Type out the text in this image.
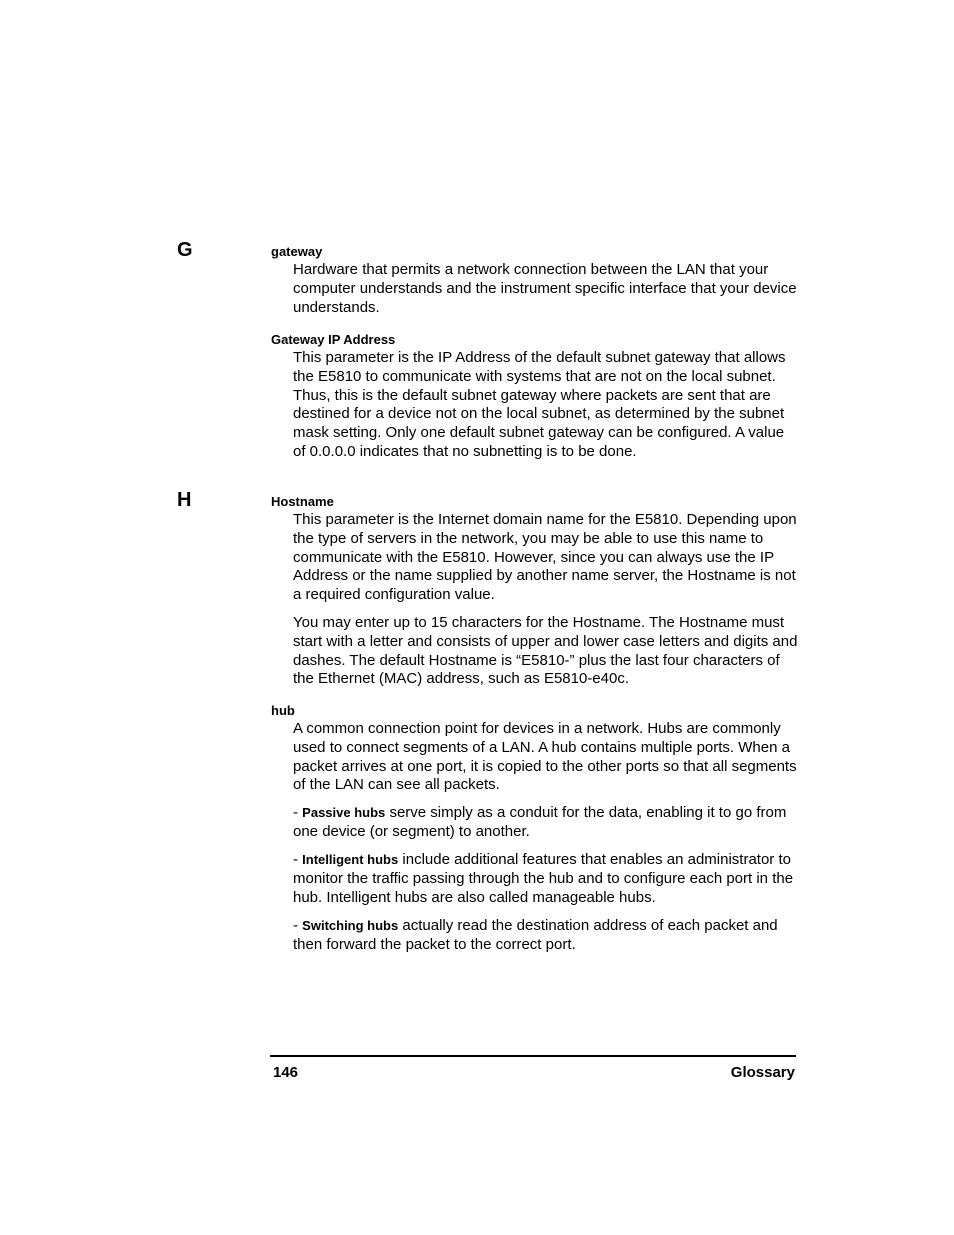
G	gateway
Hardware that permits a network connection between the LAN that your computer understands and the instrument specific interface that your device understands.
Gateway IP Address
This parameter is the IP Address of the default subnet gateway that allows the E5810 to communicate with systems that are not on the local subnet. Thus, this is the default subnet gateway where packets are sent that are destined for a device not on the local subnet, as determined by the subnet mask setting. Only one default subnet gateway can be configured. A value of 0.0.0.0 indicates that no subnetting is to be done.
H	Hostname
This parameter is the Internet domain name for the E5810. Depending upon the type of servers in the network, you may be able to use this name to communicate with the E5810. However, since you can always use the IP Address or the name supplied by another name server, the Hostname is not a required configuration value.
You may enter up to 15 characters for the Hostname. The Hostname must start with a letter and consists of upper and lower case letters and digits and dashes. The default Hostname is “E5810-” plus the last four characters of the Ethernet (MAC) address, such as E5810-e40c.
hub
A common connection point for devices in a network. Hubs are commonly used to connect segments of a LAN. A hub contains multiple ports. When a packet arrives at one port, it is copied to the other ports so that all segments of the LAN can see all packets.
- Passive hubs serve simply as a conduit for the data, enabling it to go from one device (or segment) to another.
- Intelligent hubs include additional features that enables an administrator to monitor the traffic passing through the hub and to configure each port in the hub. Intelligent hubs are also called manageable hubs.
- Switching hubs actually read the destination address of each packet and then forward the packet to the correct port.
146	Glossary
